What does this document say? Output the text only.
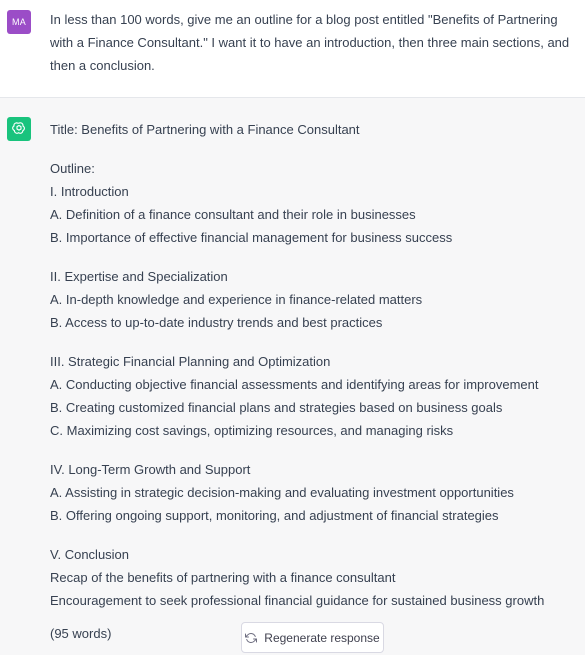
MA	In less than 100 words, give me an outline for a blog post entitled "Benefits of Partnering with a Finance Consultant." I want it to have an introduction, then three main sections, and then a conclusion.
Title: Benefits of Partnering with a Finance Consultant
Outline:
I. Introduction
A. Definition of a finance consultant and their role in businesses
B. Importance of effective financial management for business success
II. Expertise and Specialization
A. In-depth knowledge and experience in finance-related matters
B. Access to up-to-date industry trends and best practices
III. Strategic Financial Planning and Optimization
A. Conducting objective financial assessments and identifying areas for improvement
B. Creating customized financial plans and strategies based on business goals
C. Maximizing cost savings, optimizing resources, and managing risks
IV. Long-Term Growth and Support
A. Assisting in strategic decision-making and evaluating investment opportunities
B. Offering ongoing support, monitoring, and adjustment of financial strategies
V. Conclusion
Recap of the benefits of partnering with a finance consultant
Encouragement to seek professional financial guidance for sustained business growth
(95 words)	Regenerate response
